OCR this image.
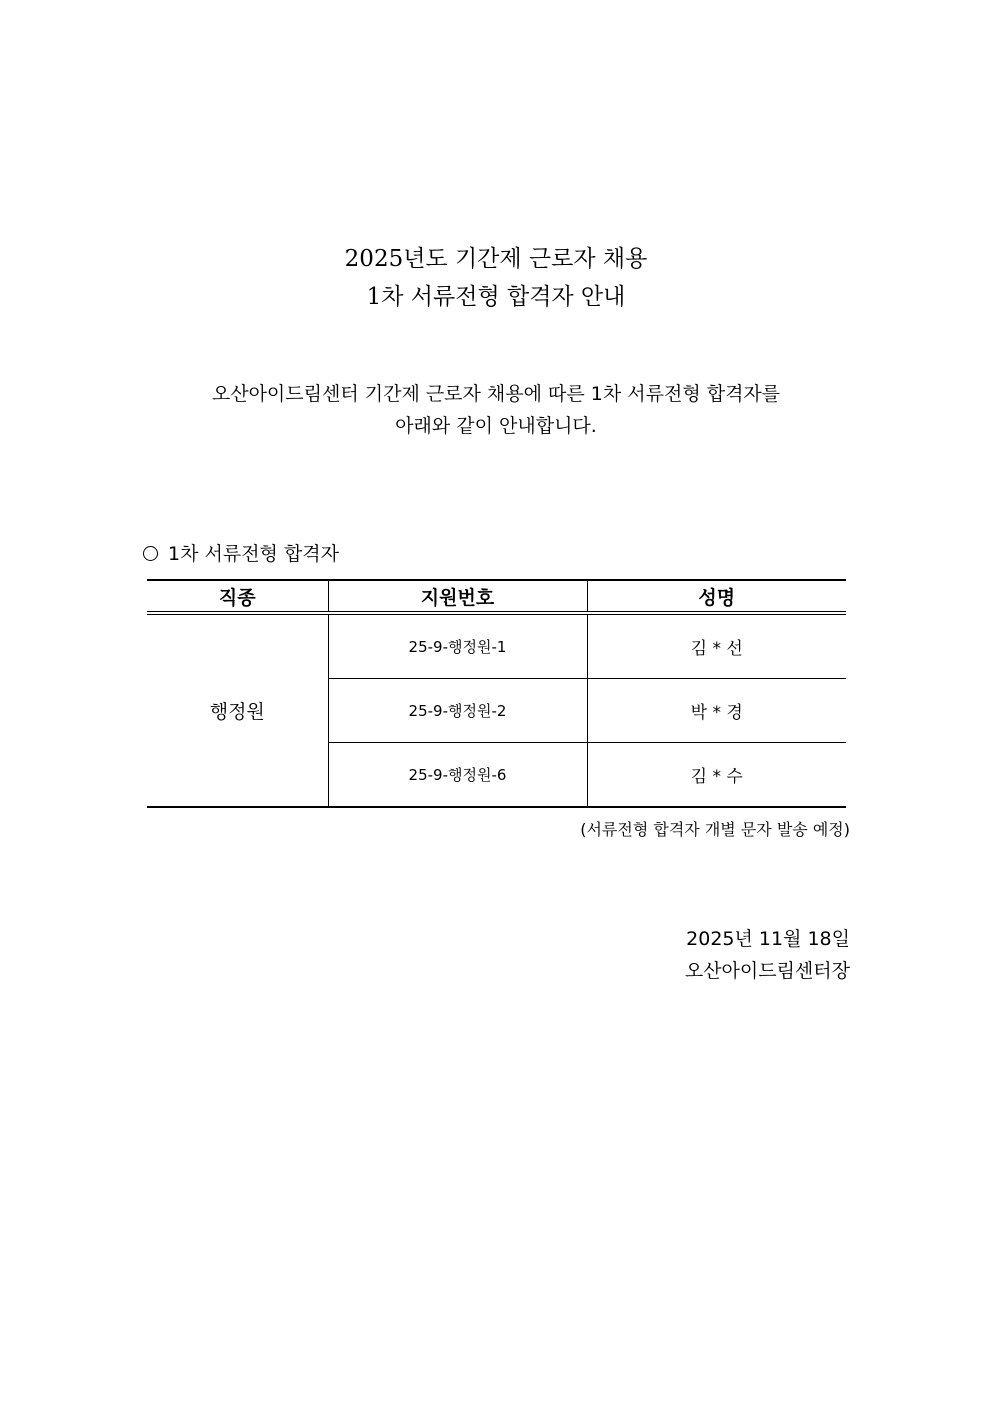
2025년도 기간제 근로자 채용
1차 서류전형 합격자 안내
오산아이드림센터 기간제 근로자 채용에 따른 1차 서류전형 합격자를
아래와 같이 안내합니다.
1차 서류전형 합격자
직종	지원번호	성명
행정원	25-9-행정원-1	김 * 선
	25-9-행정원-2	박 * 경
	25-9-행정원-6	김 * 수
(서류전형 합격자 개별 문자 발송 예정)
2025년 11월 18일
오산아이드림센터장
